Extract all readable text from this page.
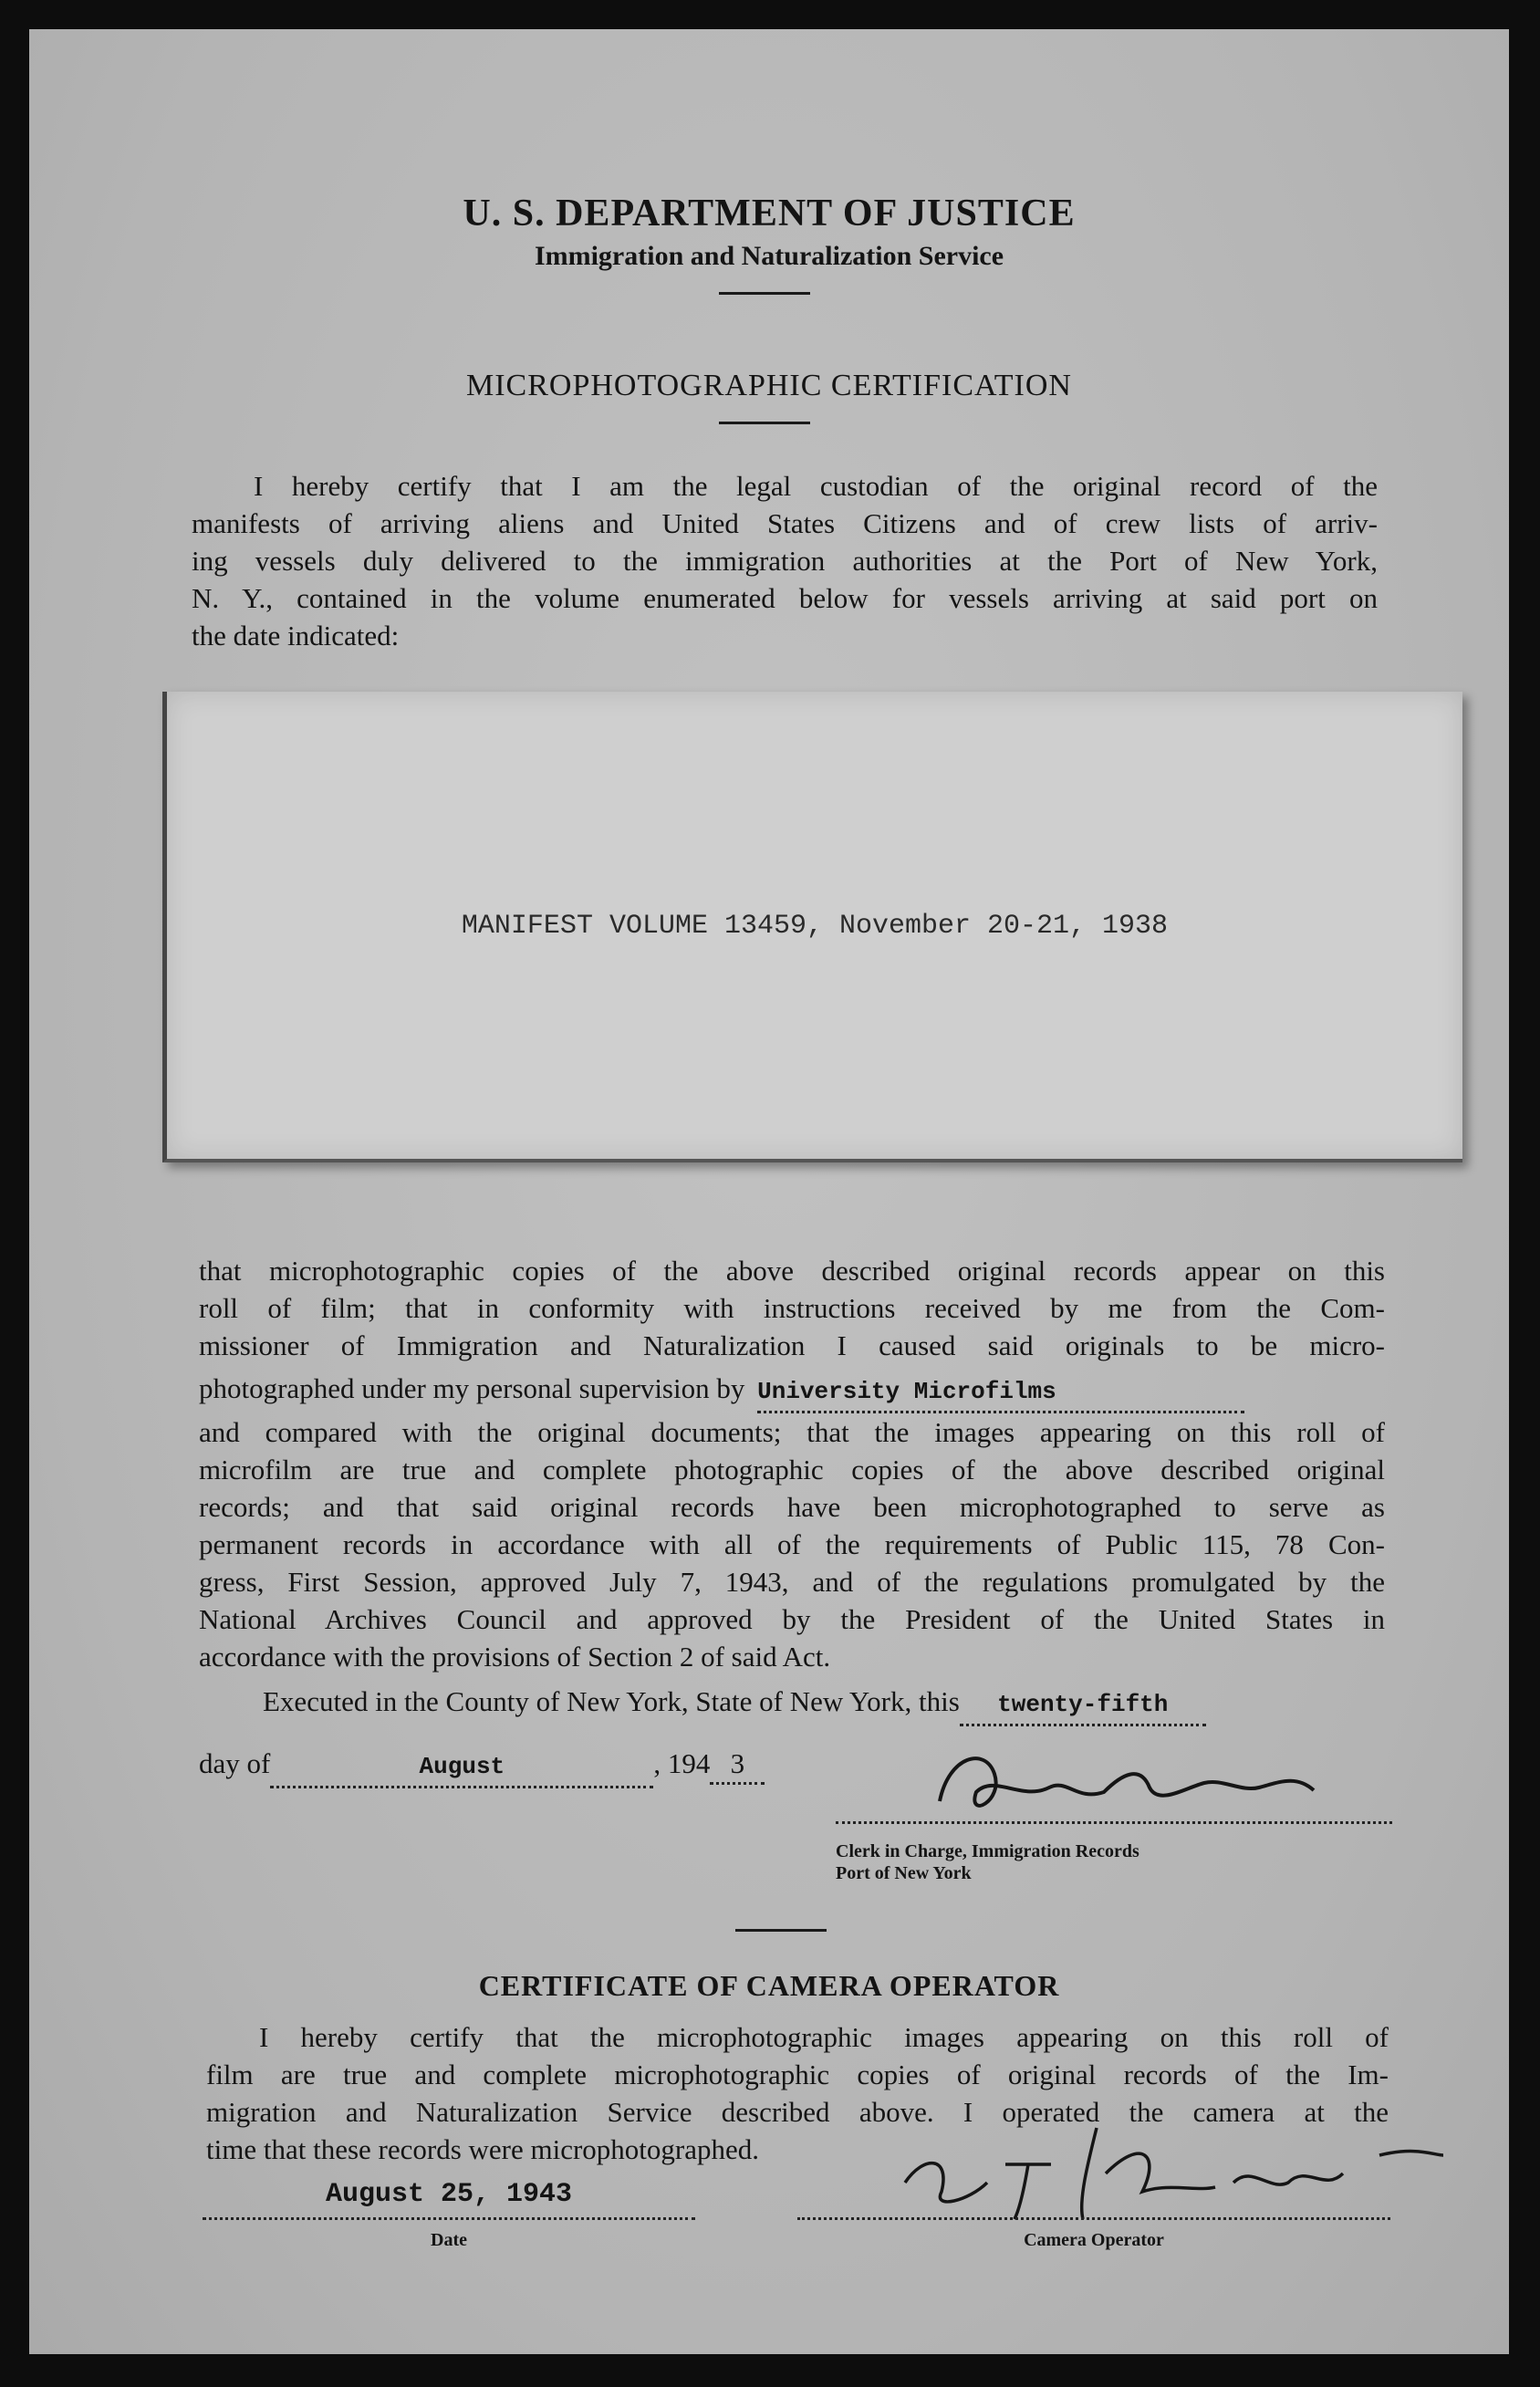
U. S. DEPARTMENT OF JUSTICE
Immigration and Naturalization Service
MICROPHOTOGRAPHIC CERTIFICATION
I hereby certify that I am the legal custodian of the original record of the
manifests of arriving aliens and United States Citizens and of crew lists of arriv-
ing vessels duly delivered to the immigration authorities at the Port of New York,
N. Y., contained in the volume enumerated below for vessels arriving at said port on
the date indicated:
MANIFEST VOLUME 13459, November 20-21, 1938
that microphotographic copies of the above described original records appear on this
roll of film; that in conformity with instructions received by me from the Com-
missioner of Immigration and Naturalization I caused said originals to be micro-
photographed under my personal supervision by University Microfilms
and compared with the original documents; that the images appearing on this roll of
microfilm are true and complete photographic copies of the above described original
records; and that said original records have been microphotographed to serve as
permanent records in accordance with all of the requirements of Public 115, 78 Con-
gress, First Session, approved July 7, 1943, and of the regulations promulgated by the
National Archives Council and approved by the President of the United States in
accordance with the provisions of Section 2 of said Act.
Executed in the County of New York, State of New York, this twenty-fifth
day of	August	, 194 3
Clerk in Charge, Immigration Records
Port of New York
CERTIFICATE OF CAMERA OPERATOR
I hereby certify that the microphotographic images appearing on this roll of
film are true and complete microphotographic copies of original records of the Im-
migration and Naturalization Service described above. I operated the camera at the
time that these records were microphotographed.
August 25, 1943
Date	Camera Operator
